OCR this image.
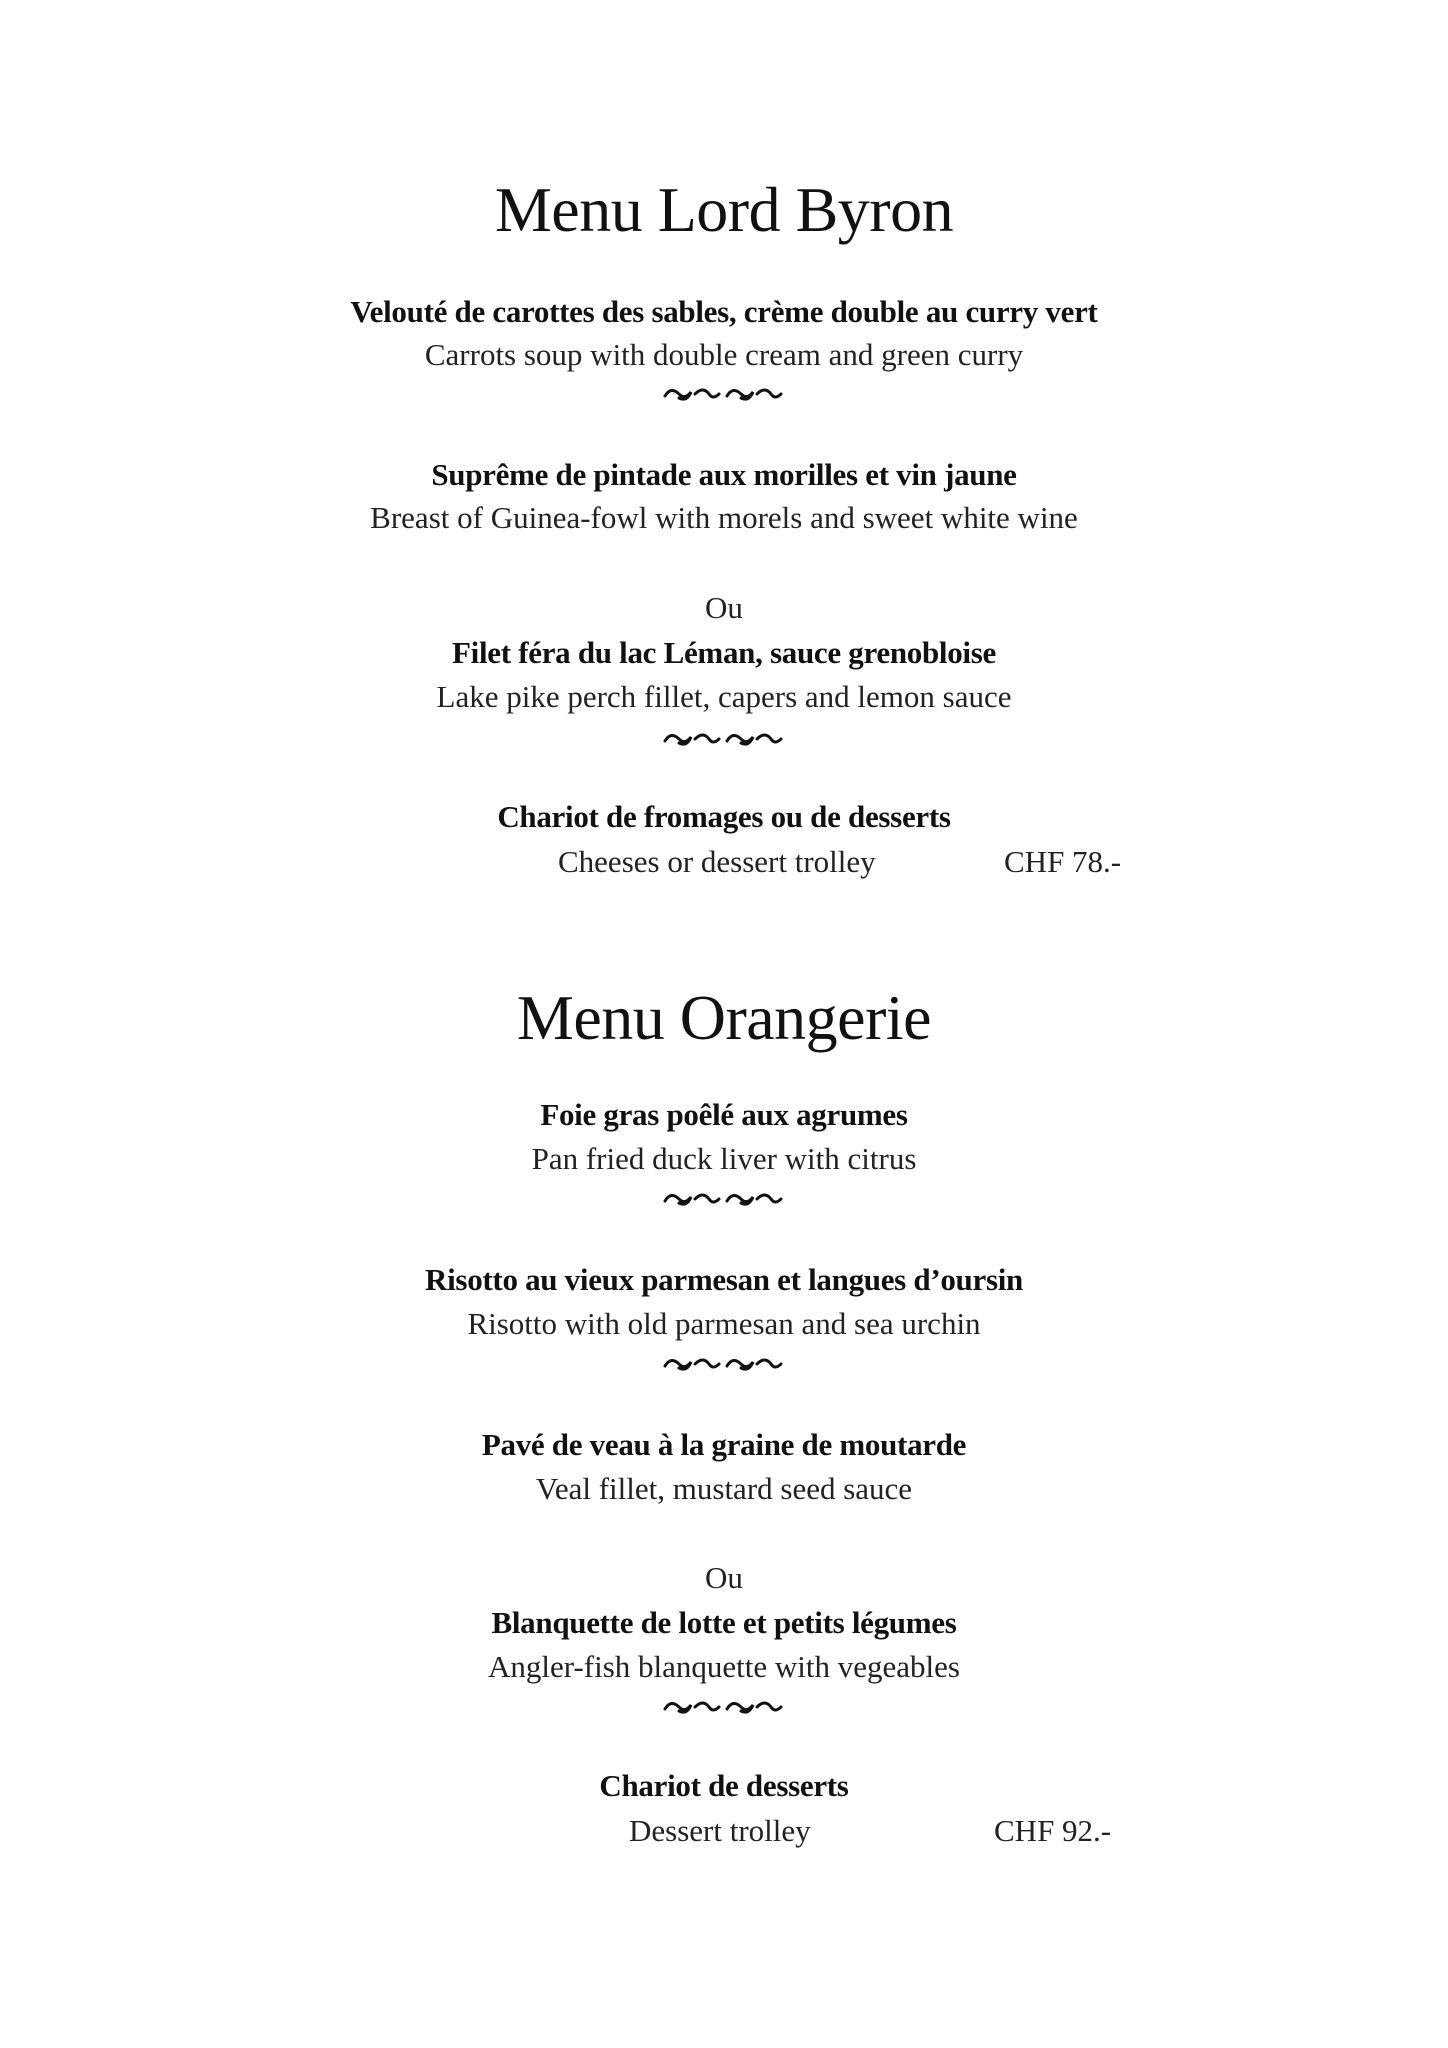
Menu Lord Byron
Velouté de carottes des sables, crème double au curry vert
Carrots soup with double cream and green curry
Suprême de pintade aux morilles et vin jaune
Breast of Guinea-fowl with morels and sweet white wine
Ou
Filet féra du lac Léman, sauce grenobloise
Lake pike perch fillet, capers and lemon sauce
Chariot de fromages ou de desserts
Cheeses or dessert trolley	CHF 78.-
Menu Orangerie
Foie gras poêlé aux agrumes
Pan fried duck liver with citrus
Risotto au vieux parmesan et langues d’oursin
Risotto with old parmesan and sea urchin
Pavé de veau à la graine de moutarde
Veal fillet, mustard seed sauce
Ou
Blanquette de lotte et petits légumes
Angler-fish blanquette with vegeables
Chariot de desserts
Dessert trolley	CHF 92.-
